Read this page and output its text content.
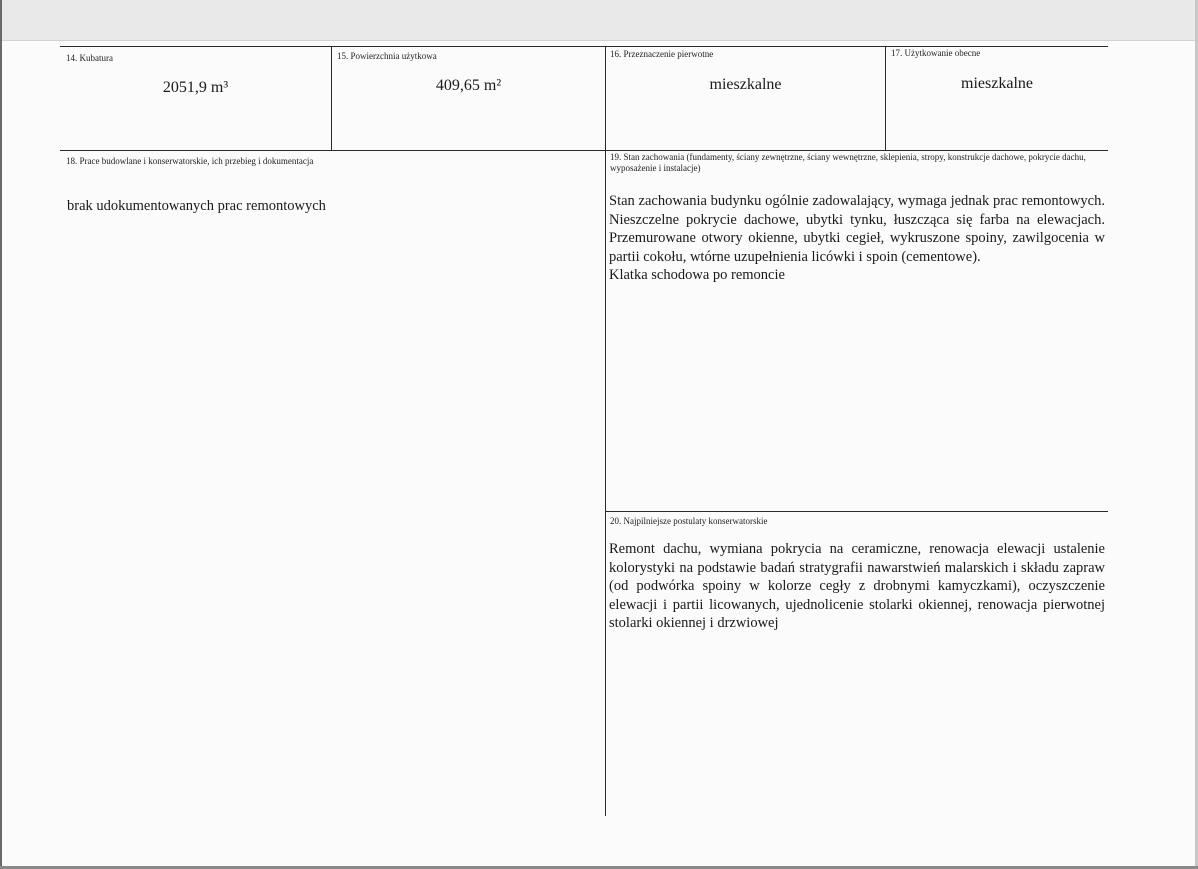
14. Kubatura
2051,9 m³
15. Powierzchnia użytkowa
409,65 m²
16. Przeznaczenie pierwotne
mieszkalne
17. Użytkowanie obecne
mieszkalne
18. Prace budowlane i konserwatorskie, ich przebieg i dokumentacja
brak udokumentowanych prac remontowych
19. Stan zachowania (fundamenty, ściany zewnętrzne, ściany wewnętrzne, sklepienia, stropy, konstrukcje dachowe, pokrycie dachu, wyposażenie i instalacje)

Stan zachowania budynku ogólnie zadowalający, wymaga jednak prac remontowych. Nieszczelne pokrycie dachowe, ubytki tynku, łuszcząca się farba na elewacjach. Przemurowane otwory okienne, ubytki cegieł, wykruszone spoiny, zawilgocenia w partii cokołu, wtórne uzupełnienia licówki i spoin (cementowe).

Klatka schodowa po remoncie

20. Najpilniejsze postulaty konserwatorskie

Remont dachu, wymiana pokrycia na ceramiczne, renowacja elewacji ustalenie kolorystyki na podstawie badań stratygrafii nawarstwień malarskich i składu zapraw (od podwórka spoiny w kolorze cegły z drobnymi kamyczkami), oczyszczenie elewacji i partii licowanych, ujednolicenie stolarki okiennej, renowacja pierwotnej stolarki okiennej i drzwiowej
